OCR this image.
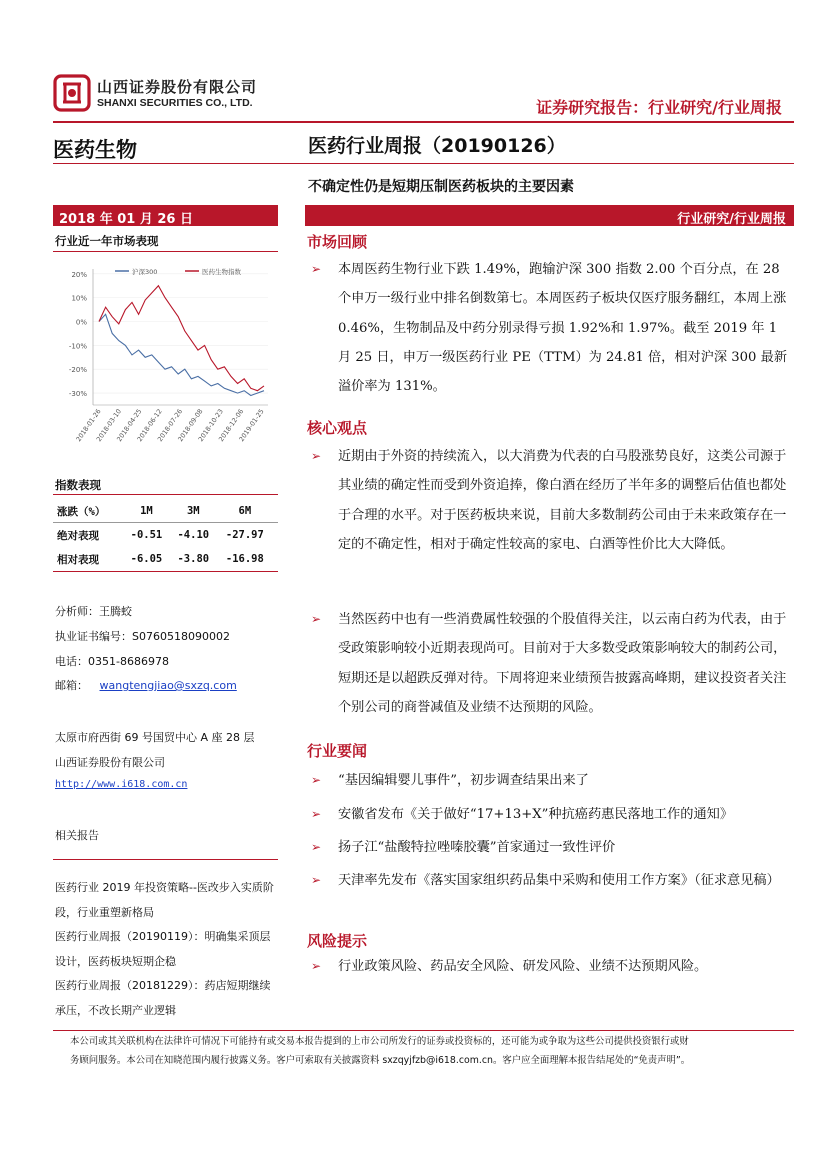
山西证券股份有限公司
SHANXI SECURITIES CO., LTD.	证券研究报告：行业研究/行业周报
医药生物	医药行业周报（20190126）
不确定性仍是短期压制医药板块的主要因素
2018 年 01 月 26 日	行业研究/行业周报
行业近一年市场表现
20%
10%
0%
-10%
-20%
-30%
2018-01-26
2018-03-10
2018-04-25
2018-06-12
2018-07-26
2018-09-08
2018-10-23
2018-12-06
2019-01-25
沪深300	医药生物指数
指数表现
涨跌（%）	1M	3M	6M
绝对表现	-0.51	-4.10	-27.97
相对表现	-6.05	-3.80	-16.98
分析师：王腾蛟
执业证书编号：S0760518090002
电话：0351-8686978
邮箱： wangtengjiao@sxzq.com
太原市府西街 69 号国贸中心 A 座 28 层
山西证券股份有限公司
http://www.i618.com.cn
相关报告
医药行业 2019 年投资策略--医改步入实质阶段，行业重塑新格局
医药行业周报（20190119）：明确集采顶层设计，医药板块短期企稳
医药行业周报（20181229）：药店短期继续承压，不改长期产业逻辑
市场回顾
➢ 本周医药生物行业下跌 1.49%，跑输沪深 300 指数 2.00 个百分点，在 28 个申万一级行业中排名倒数第七。本周医药子板块仅医疗服务翻红，本周上涨 0.46%，生物制品及中药分别录得亏损 1.92%和 1.97%。截至 2019 年 1 月 25 日，申万一级医药行业 PE（TTM）为 24.81 倍，相对沪深 300 最新溢价率为 131%。
核心观点
➢ 近期由于外资的持续流入，以大消费为代表的白马股涨势良好，这类公司源于其业绩的确定性而受到外资追捧，像白酒在经历了半年多的调整后估值也都处于合理的水平。对于医药板块来说，目前大多数制药公司由于未来政策存在一定的不确定性，相对于确定性较高的家电、白酒等性价比大大降低。
➢ 当然医药中也有一些消费属性较强的个股值得关注，以云南白药为代表，由于受政策影响较小近期表现尚可。目前对于大多数受政策影响较大的制药公司，短期还是以超跌反弹对待。下周将迎来业绩预告披露高峰期，建议投资者关注个别公司的商誉减值及业绩不达预期的风险。
行业要闻
➢ “基因编辑婴儿事件”，初步调查结果出来了
➢ 安徽省发布《关于做好“17+13+X”种抗癌药惠民落地工作的通知》
➢ 扬子江“盐酸特拉唑嗪胶囊”首家通过一致性评价
➢ 天津率先发布《落实国家组织药品集中采购和使用工作方案》（征求意见稿）
风险提示
➢ 行业政策风险、药品安全风险、研发风险、业绩不达预期风险。
本公司或其关联机构在法律许可情况下可能持有或交易本报告提到的上市公司所发行的证券或投资标的，还可能为或争取为这些公司提供投资银行或财
务顾问服务。本公司在知晓范围内履行披露义务。客户可索取有关披露资料 sxzqyjfzb@i618.com.cn。客户应全面理解本报告结尾处的“免责声明”。
